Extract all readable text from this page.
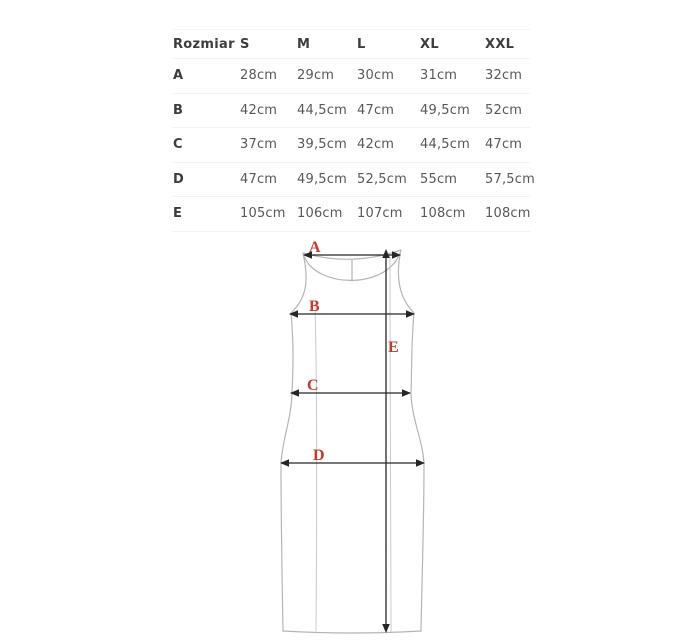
Rozmiar S	M	L	XL	XXL
A	28cm	29cm	30cm	31cm	32cm
B	42cm	44,5cm 47cm	49,5cm	52cm
C	37cm	39,5cm 42cm	44,5cm	47cm
D	47cm	49,5cm 52,5cm	55cm	57,5cm
E	105cm 106cm	107cm	108cm	108cm
A
B
C
D
E
